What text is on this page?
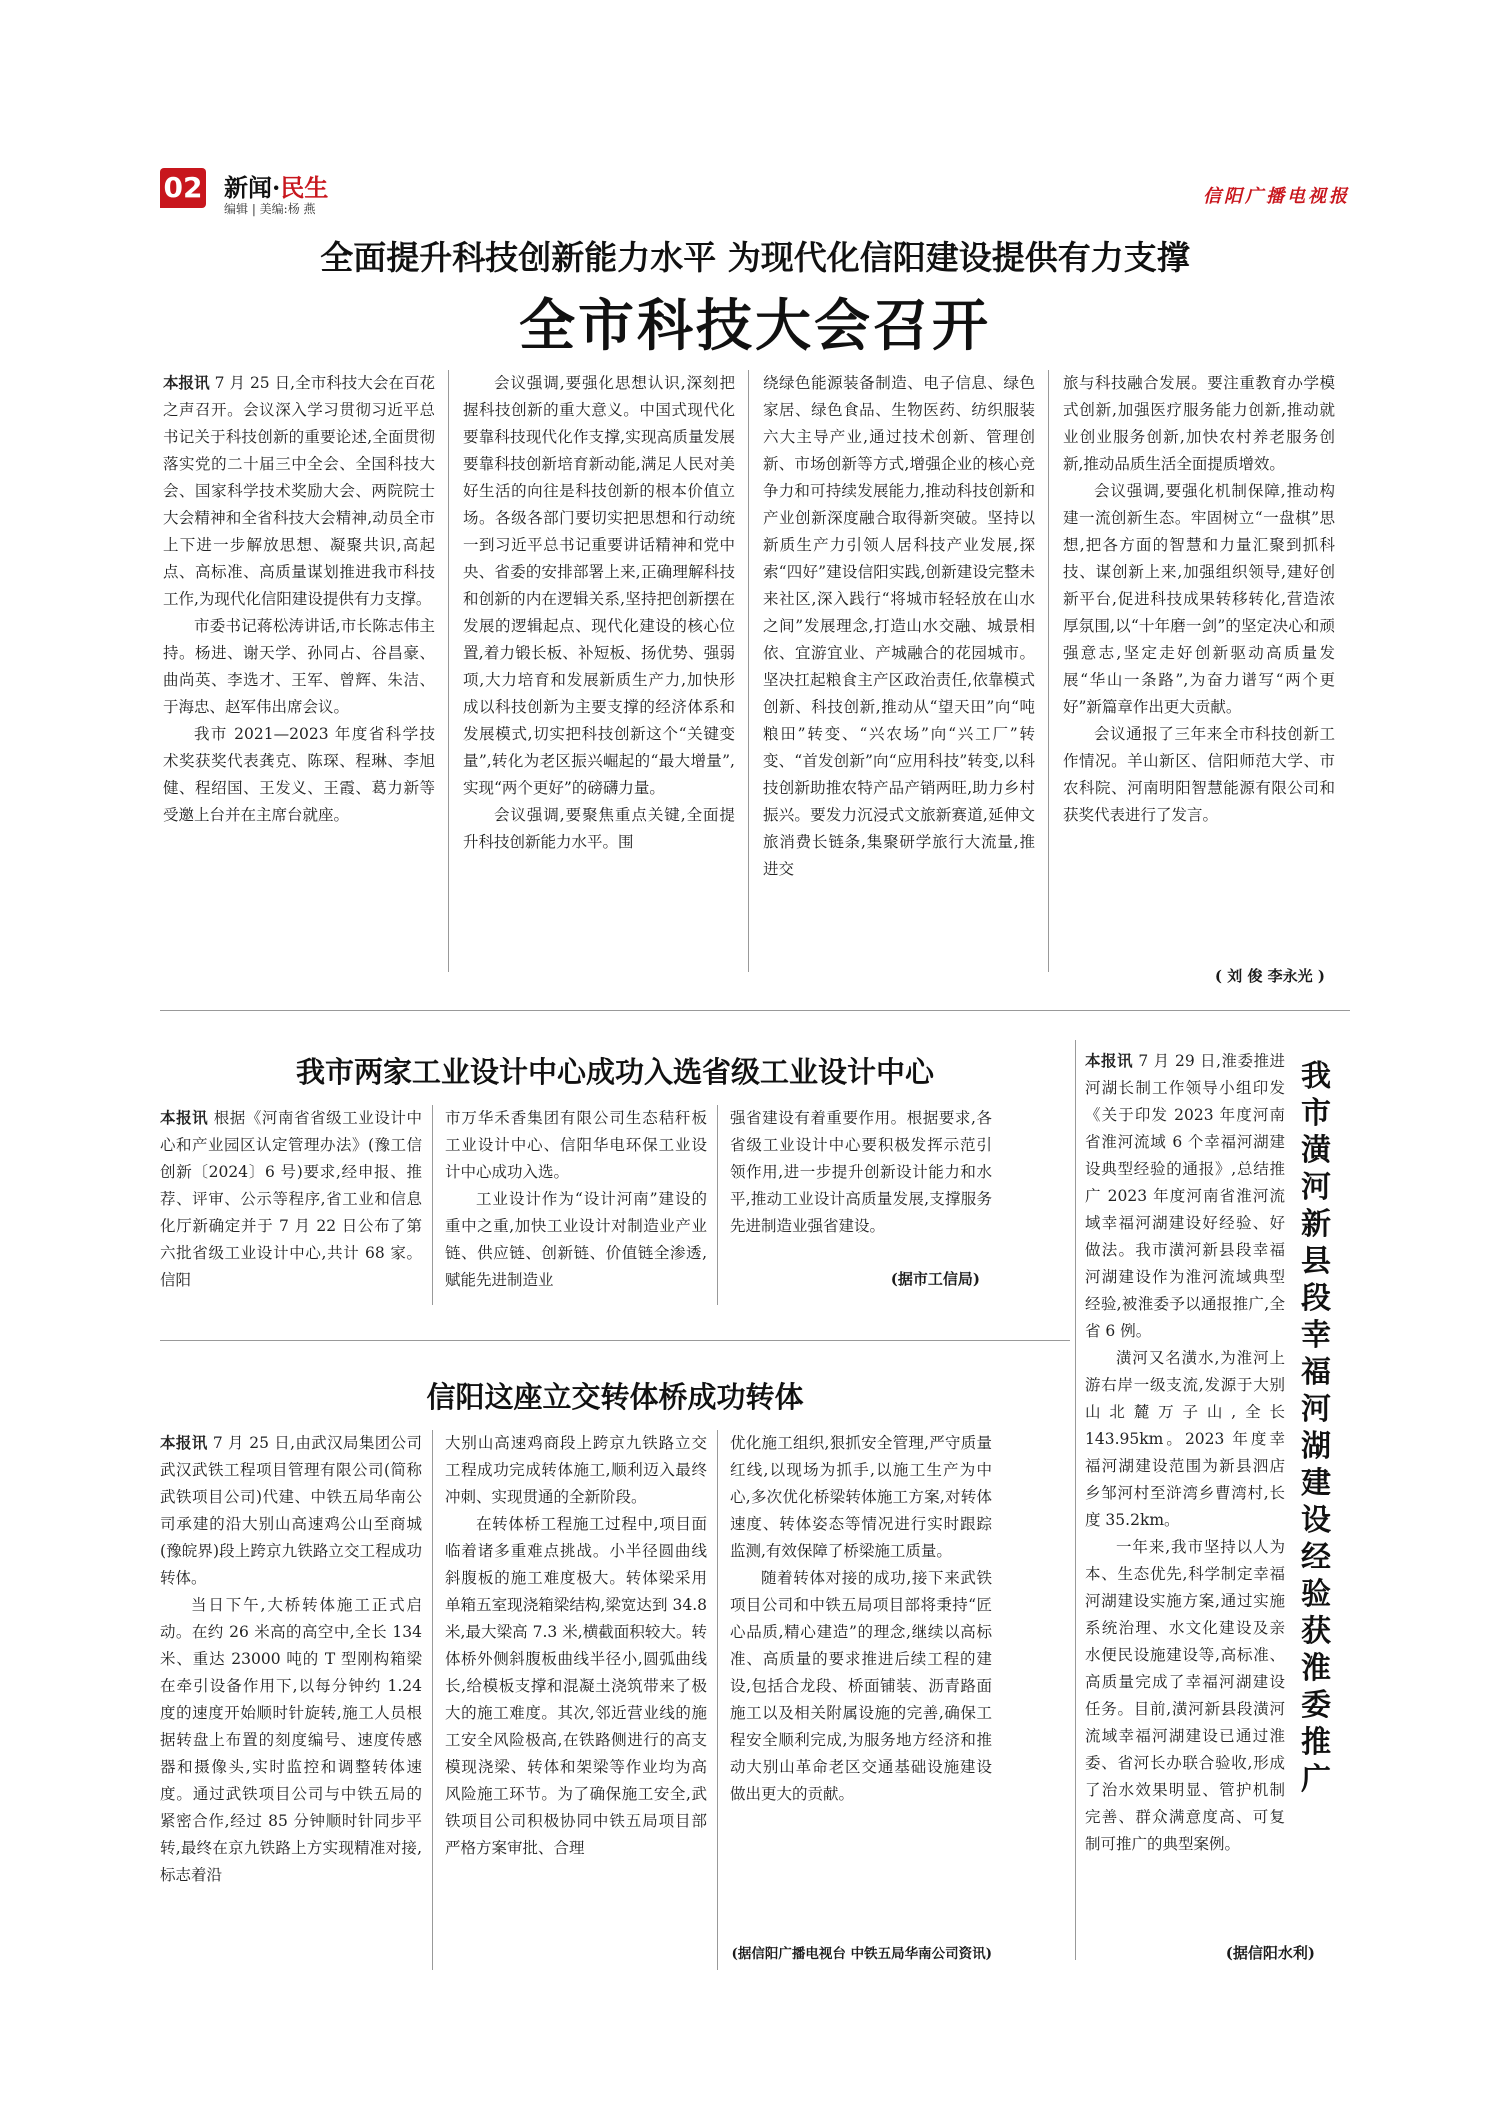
02 新闻·民生
编辑 | 美编:杨 燕
信阳广播电视报
全面提升科技创新能力水平 为现代化信阳建设提供有力支撑
全市科技大会召开

本报讯 7 月 25 日,全市科技大会在百花之声召开。会议深入学习贯彻习近平总书记关于科技创新的重要论述,全面贯彻落实党的二十届三中全会、全国科技大会、国家科学技术奖励大会、两院院士大会精神和全省科技大会精神,动员全市上下进一步解放思想、凝聚共识,高起点、高标准、高质量谋划推进我市科技工作,为现代化信阳建设提供有力支撑。

市委书记蒋松涛讲话,市长陈志伟主持。杨进、谢天学、孙同占、谷昌豪、曲尚英、李选才、王军、曾辉、朱洁、于海忠、赵军伟出席会议。

我市 2021—2023 年度省科学技术奖获奖代表龚克、陈琛、程琳、李旭健、程绍国、王发义、王霞、葛力新等受邀上台并在主席台就座。

会议强调,要强化思想认识,深刻把握科技创新的重大意义。中国式现代化要靠科技现代化作支撑,实现高质量发展要靠科技创新培育新动能,满足人民对美好生活的向往是科技创新的根本价值立场。各级各部门要切实把思想和行动统一到习近平总书记重要讲话精神和党中央、省委的安排部署上来,正确理解科技和创新的内在逻辑关系,坚持把创新摆在发展的逻辑起点、现代化建设的核心位置,着力锻长板、补短板、扬优势、强弱项,大力培育和发展新质生产力,加快形成以科技创新为主要支撑的经济体系和发展模式,切实把科技创新这个“关键变量”,转化为老区振兴崛起的“最大增量”,实现“两个更好”的磅礴力量。

会议强调,要聚焦重点关键,全面提升科技创新能力水平。围

绕绿色能源装备制造、电子信息、绿色家居、绿色食品、生物医药、纺织服装六大主导产业,通过技术创新、管理创新、市场创新等方式,增强企业的核心竞争力和可持续发展能力,推动科技创新和产业创新深度融合取得新突破。坚持以新质生产力引领人居科技产业发展,探索“四好”建设信阳实践,创新建设完整未来社区,深入践行“将城市轻轻放在山水之间”发展理念,打造山水交融、城景相依、宜游宜业、产城融合的花园城市。坚决扛起粮食主产区政治责任,依靠模式创新、科技创新,推动从“望天田”向“吨粮田”转变、“兴农场”向“兴工厂”转变、“首发创新”向“应用科技”转变,以科技创新助推农特产品产销两旺,助力乡村振兴。要发力沉浸式文旅新赛道,延伸文旅消费长链条,集聚研学旅行大流量,推进交

旅与科技融合发展。要注重教育办学模式创新,加强医疗服务能力创新,推动就业创业服务创新,加快农村养老服务创新,推动品质生活全面提质增效。

会议强调,要强化机制保障,推动构建一流创新生态。牢固树立“一盘棋”思想,把各方面的智慧和力量汇聚到抓科技、谋创新上来,加强组织领导,建好创新平台,促进科技成果转移转化,营造浓厚氛围,以“十年磨一剑”的坚定决心和顽强意志,坚定走好创新驱动高质量发展“华山一条路”,为奋力谱写“两个更好”新篇章作出更大贡献。

会议通报了三年来全市科技创新工作情况。羊山新区、信阳师范大学、市农科院、河南明阳智慧能源有限公司和获奖代表进行了发言。

( 刘 俊 李永光 )
我市两家工业设计中心成功入选省级工业设计中心

本报讯 根据《河南省省级工业设计中心和产业园区认定管理办法》(豫工信创新〔2024〕6 号)要求,经申报、推荐、评审、公示等程序,省工业和信息化厅新确定并于 7 月 22 日公布了第六批省级工业设计中心,共计 68 家。信阳

市万华禾香集团有限公司生态秸秆板工业设计中心、信阳华电环保工业设计中心成功入选。

工业设计作为“设计河南”建设的重中之重,加快工业设计对制造业产业链、供应链、创新链、价值链全渗透,赋能先进制造业

强省建设有着重要作用。根据要求,各省级工业设计中心要积极发挥示范引领作用,进一步提升创新设计能力和水平,推动工业设计高质量发展,支撑服务先进制造业强省建设。

(据市工信局)
信阳这座立交转体桥成功转体

本报讯 7 月 25 日,由武汉局集团公司武汉武铁工程项目管理有限公司(简称武铁项目公司)代建、中铁五局华南公司承建的沿大别山高速鸡公山至商城(豫皖界)段上跨京九铁路立交工程成功转体。

当日下午,大桥转体施工正式启动。在约 26 米高的高空中,全长 134 米、重达 23000 吨的 T 型刚构箱梁在牵引设备作用下,以每分钟约 1.24 度的速度开始顺时针旋转,施工人员根据转盘上布置的刻度编号、速度传感器和摄像头,实时监控和调整转体速度。通过武铁项目公司与中铁五局的紧密合作,经过 85 分钟顺时针同步平转,最终在京九铁路上方实现精准对接,标志着沿

大别山高速鸡商段上跨京九铁路立交工程成功完成转体施工,顺利迈入最终冲刺、实现贯通的全新阶段。

在转体桥工程施工过程中,项目面临着诸多重难点挑战。小半径圆曲线斜腹板的施工难度极大。转体梁采用单箱五室现浇箱梁结构,梁宽达到 34.8 米,最大梁高 7.3 米,横截面积较大。转体桥外侧斜腹板曲线半径小,圆弧曲线长,给模板支撑和混凝土浇筑带来了极大的施工难度。其次,邻近营业线的施工安全风险极高,在铁路侧进行的高支模现浇梁、转体和架梁等作业均为高风险施工环节。为了确保施工安全,武铁项目公司积极协同中铁五局项目部严格方案审批、合理

优化施工组织,狠抓安全管理,严守质量红线,以现场为抓手,以施工生产为中心,多次优化桥梁转体施工方案,对转体速度、转体姿态等情况进行实时跟踪监测,有效保障了桥梁施工质量。

随着转体对接的成功,接下来武铁项目公司和中铁五局项目部将秉持“匠心品质,精心建造”的理念,继续以高标准、高质量的要求推进后续工程的建设,包括合龙段、桥面铺装、沥青路面施工以及相关附属设施的完善,确保工程安全顺利完成,为服务地方经济和推动大别山革命老区交通基础设施建设做出更大的贡献。

(据信阳广播电视台 中铁五局华南公司资讯)

本报讯 7 月 29 日,淮委推进河湖长制工作领导小组印发《关于印发 2023 年度河南省淮河流域 6 个幸福河湖建设典型经验的通报》,总结推广 2023 年度河南省淮河流域幸福河湖建设好经验、好做法。我市潢河新县段幸福河湖建设作为淮河流域典型经验,被淮委予以通报推广,全省 6 例。

潢河又名潢水,为淮河上游右岸一级支流,发源于大别山北麓万子山,全长 143.95km。2023 年度幸福河湖建设范围为新县泗店乡邹河村至浒湾乡曹湾村,长度 35.2km。

一年来,我市坚持以人为本、生态优先,科学制定幸福河湖建设实施方案,通过实施系统治理、水文化建设及亲水便民设施建设等,高标准、高质量完成了幸福河湖建设任务。目前,潢河新县段潢河流域幸福河湖建设已通过淮委、省河长办联合验收,形成了治水效果明显、管护机制完善、群众满意度高、可复制可推广的典型案例。

我市潢河新县段幸福河湖建设经验获淮委推广
(据信阳水利)
